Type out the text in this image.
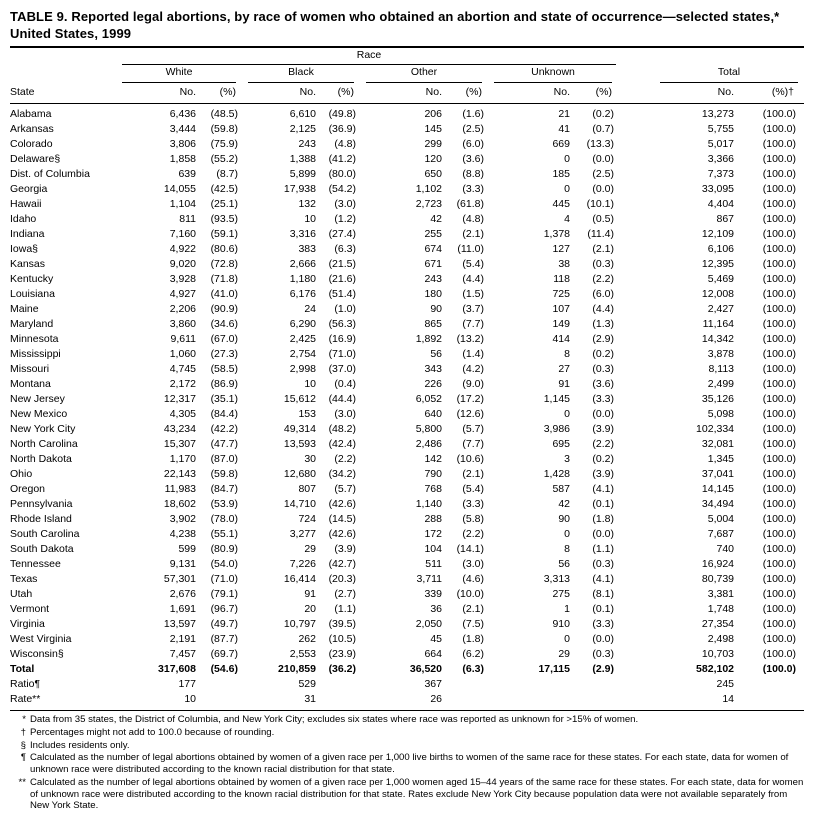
TABLE 9. Reported legal abortions, by race of women who obtained an abortion and state of occurrence—selected states,* United States, 1999

	Race										

	White		Black		Other		Unknown			Total	

State	No.	(%)	No.	(%)	No.	(%)	No.	(%)		No.	(%)†
Alabama	6,436	(48.5)	6,610	(49.8)	206	(1.6)	21	(0.2)		13,273	(100.0)
Arkansas	3,444	(59.8)	2,125	(36.9)	145	(2.5)	41	(0.7)		5,755	(100.0)
Colorado	3,806	(75.9)	243	(4.8)	299	(6.0)	669	(13.3)		5,017	(100.0)
Delaware§	1,858	(55.2)	1,388	(41.2)	120	(3.6)	0	(0.0)		3,366	(100.0)
Dist. of Columbia	639	(8.7)	5,899	(80.0)	650	(8.8)	185	(2.5)		7,373	(100.0)
Georgia	14,055	(42.5)	17,938	(54.2)	1,102	(3.3)	0	(0.0)		33,095	(100.0)
Hawaii	1,104	(25.1)	132	(3.0)	2,723	(61.8)	445	(10.1)		4,404	(100.0)
Idaho	811	(93.5)	10	(1.2)	42	(4.8)	4	(0.5)		867	(100.0)
Indiana	7,160	(59.1)	3,316	(27.4)	255	(2.1)	1,378	(11.4)		12,109	(100.0)
Iowa§	4,922	(80.6)	383	(6.3)	674	(11.0)	127	(2.1)		6,106	(100.0)
Kansas	9,020	(72.8)	2,666	(21.5)	671	(5.4)	38	(0.3)		12,395	(100.0)
Kentucky	3,928	(71.8)	1,180	(21.6)	243	(4.4)	118	(2.2)		5,469	(100.0)
Louisiana	4,927	(41.0)	6,176	(51.4)	180	(1.5)	725	(6.0)		12,008	(100.0)
Maine	2,206	(90.9)	24	(1.0)	90	(3.7)	107	(4.4)		2,427	(100.0)
Maryland	3,860	(34.6)	6,290	(56.3)	865	(7.7)	149	(1.3)		11,164	(100.0)
Minnesota	9,611	(67.0)	2,425	(16.9)	1,892	(13.2)	414	(2.9)		14,342	(100.0)
Mississippi	1,060	(27.3)	2,754	(71.0)	56	(1.4)	8	(0.2)		3,878	(100.0)
Missouri	4,745	(58.5)	2,998	(37.0)	343	(4.2)	27	(0.3)		8,113	(100.0)
Montana	2,172	(86.9)	10	(0.4)	226	(9.0)	91	(3.6)		2,499	(100.0)
New Jersey	12,317	(35.1)	15,612	(44.4)	6,052	(17.2)	1,145	(3.3)		35,126	(100.0)
New Mexico	4,305	(84.4)	153	(3.0)	640	(12.6)	0	(0.0)		5,098	(100.0)
New York City	43,234	(42.2)	49,314	(48.2)	5,800	(5.7)	3,986	(3.9)		102,334	(100.0)
North Carolina	15,307	(47.7)	13,593	(42.4)	2,486	(7.7)	695	(2.2)		32,081	(100.0)
North Dakota	1,170	(87.0)	30	(2.2)	142	(10.6)	3	(0.2)		1,345	(100.0)
Ohio	22,143	(59.8)	12,680	(34.2)	790	(2.1)	1,428	(3.9)		37,041	(100.0)
Oregon	11,983	(84.7)	807	(5.7)	768	(5.4)	587	(4.1)		14,145	(100.0)
Pennsylvania	18,602	(53.9)	14,710	(42.6)	1,140	(3.3)	42	(0.1)		34,494	(100.0)
Rhode Island	3,902	(78.0)	724	(14.5)	288	(5.8)	90	(1.8)		5,004	(100.0)
South Carolina	4,238	(55.1)	3,277	(42.6)	172	(2.2)	0	(0.0)		7,687	(100.0)
South Dakota	599	(80.9)	29	(3.9)	104	(14.1)	8	(1.1)		740	(100.0)
Tennessee	9,131	(54.0)	7,226	(42.7)	511	(3.0)	56	(0.3)		16,924	(100.0)
Texas	57,301	(71.0)	16,414	(20.3)	3,711	(4.6)	3,313	(4.1)		80,739	(100.0)
Utah	2,676	(79.1)	91	(2.7)	339	(10.0)	275	(8.1)		3,381	(100.0)
Vermont	1,691	(96.7)	20	(1.1)	36	(2.1)	1	(0.1)		1,748	(100.0)
Virginia	13,597	(49.7)	10,797	(39.5)	2,050	(7.5)	910	(3.3)		27,354	(100.0)
West Virginia	2,191	(87.7)	262	(10.5)	45	(1.8)	0	(0.0)		2,498	(100.0)
Wisconsin§	7,457	(69.7)	2,553	(23.9)	664	(6.2)	29	(0.3)		10,703	(100.0)
Total	317,608	(54.6)	210,859	(36.2)	36,520	(6.3)	17,115	(2.9)		582,102	(100.0)
Ratio¶	177		529		367					245	
Rate**	10		31		26					14	
* Data from 35 states, the District of Columbia, and New York City; excludes six states where race was reported as unknown for >15% of women.
† Percentages might not add to 100.0 because of rounding.
§ Includes residents only.
¶ Calculated as the number of legal abortions obtained by women of a given race per 1,000 live births to women of the same race for these states. For each state, data for women of unknown race were distributed according to the known racial distribution for that state.
** Calculated as the number of legal abortions obtained by women of a given race per 1,000 women aged 15–44 years of the same race for these states. For each state, data for women of unknown race were distributed according to the known racial distribution for that state. Rates exclude New York City because population data were not available separately from New York State.
